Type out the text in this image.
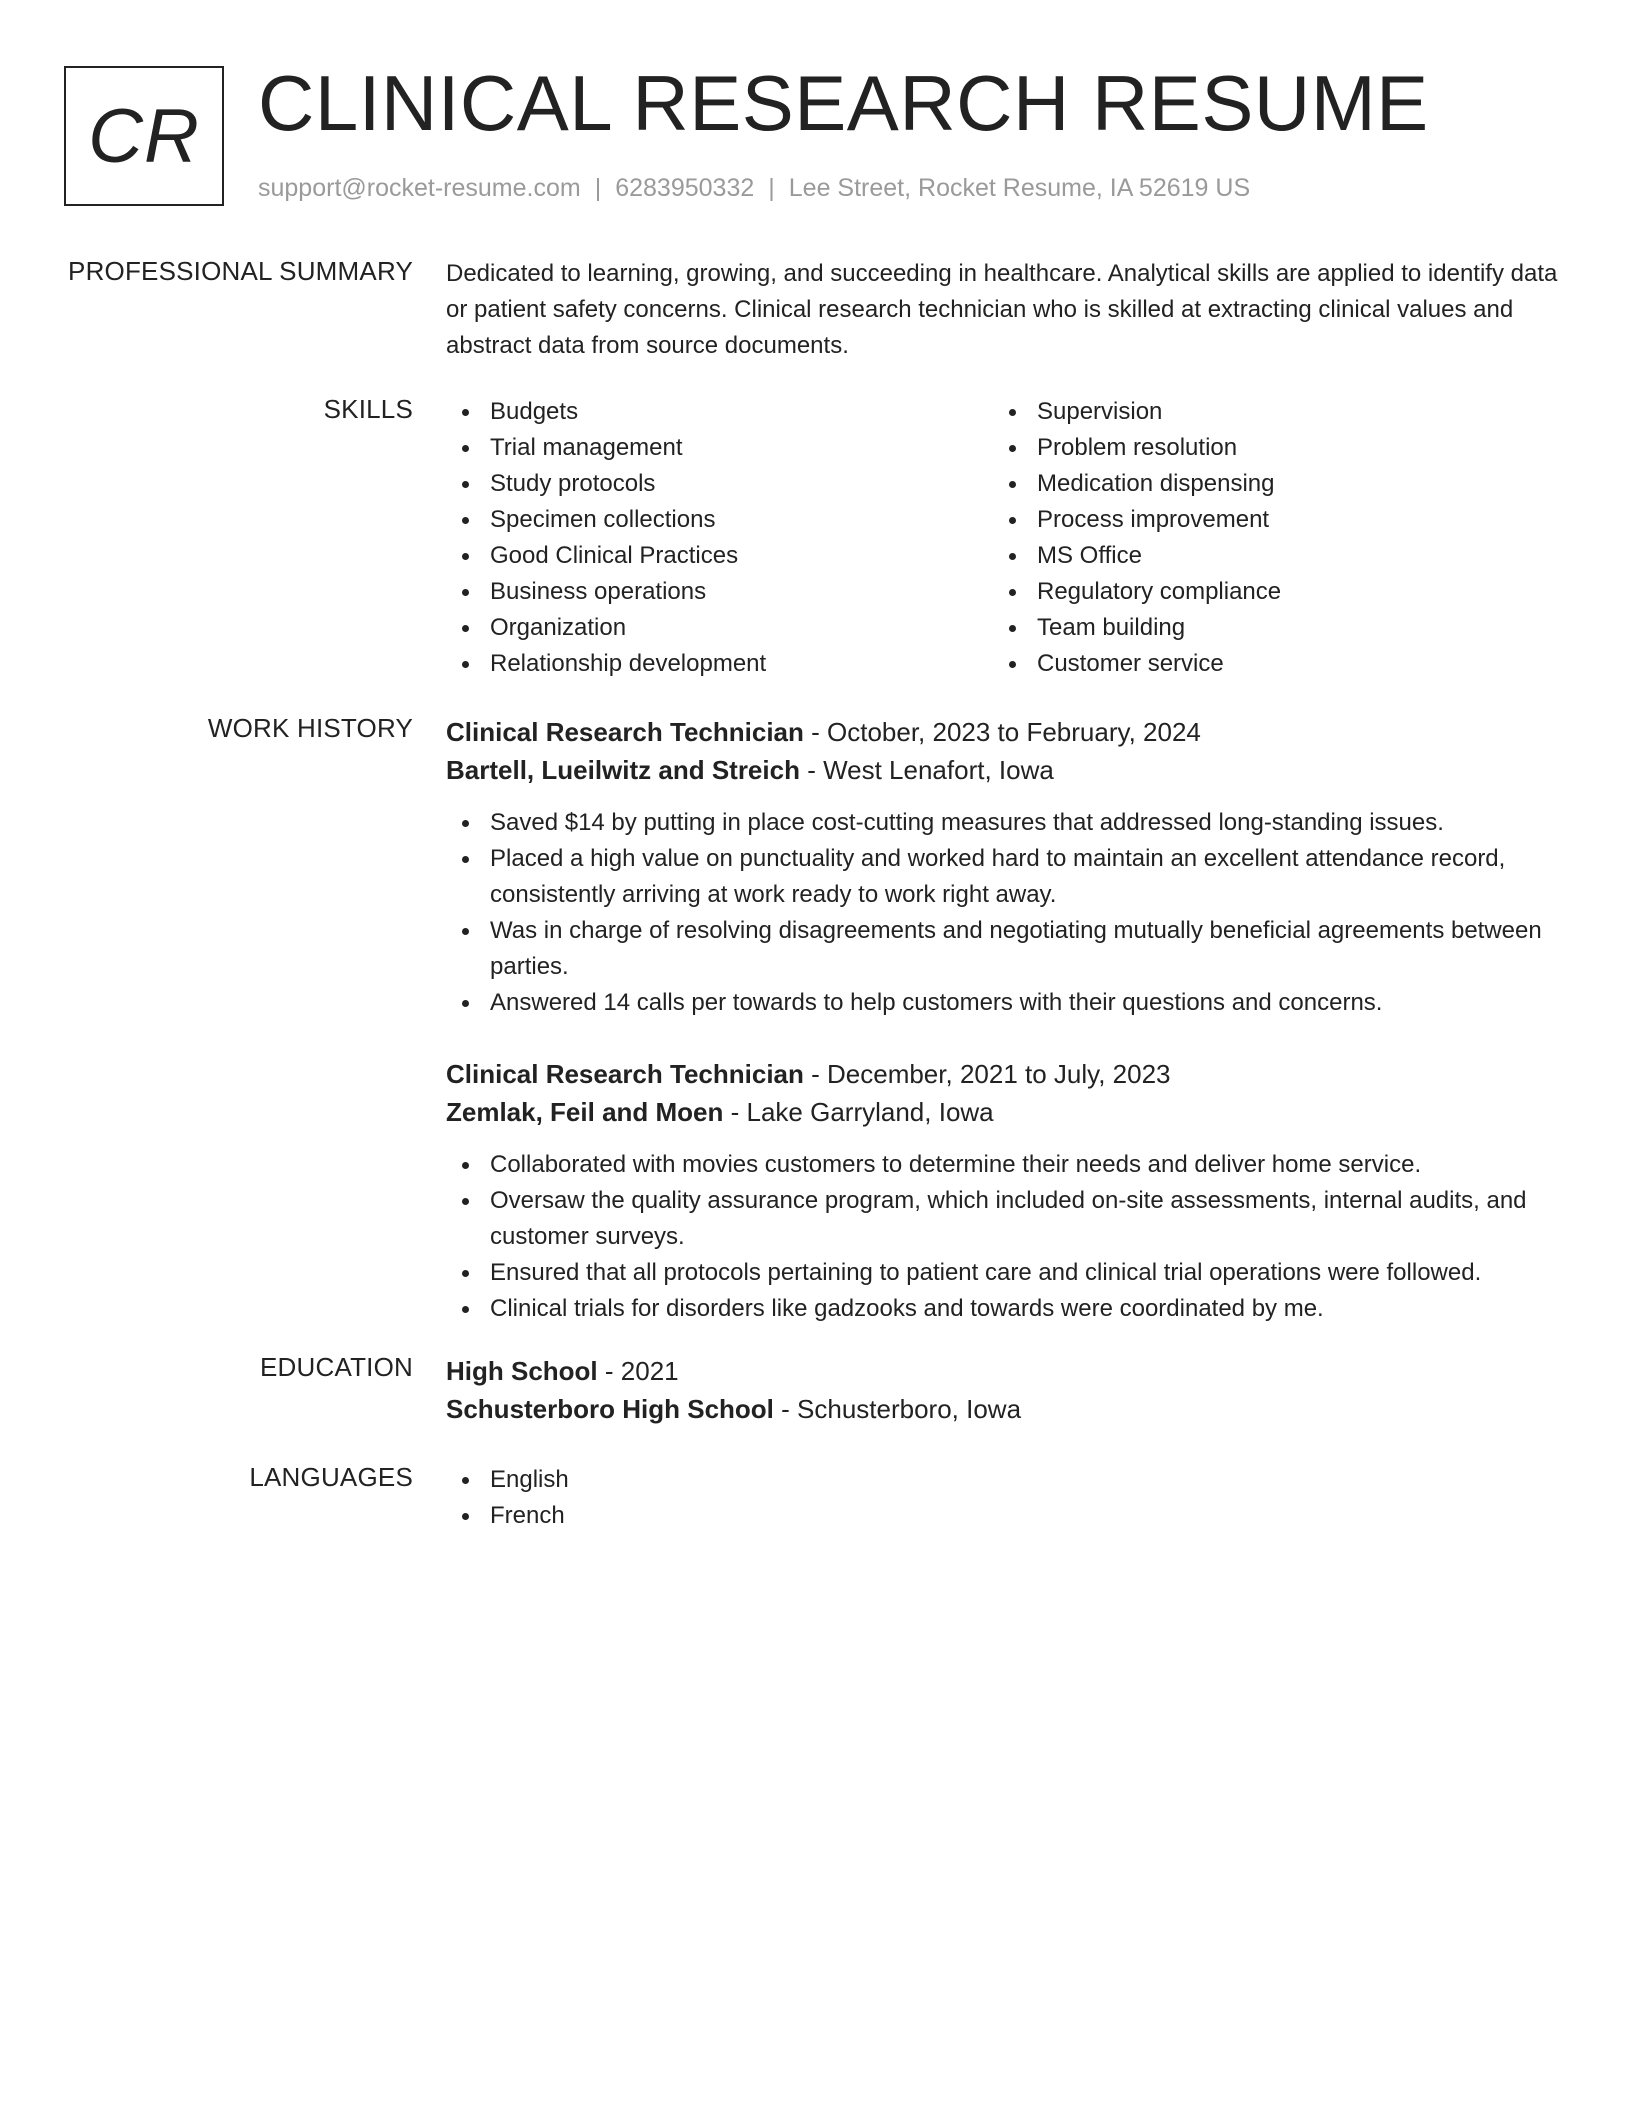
CR CLINICAL RESEARCH RESUME
support@rocket-resume.com | 6283950332 | Lee Street, Rocket Resume, IA 52619 US
PROFESSIONAL SUMMARY Dedicated to learning, growing, and succeeding in healthcare. Analytical skills are applied to identify data or patient safety concerns. Clinical research technician who is skilled at extracting clinical values and abstract data from source documents.

SKILLS	Budgets
Trial management
Study protocols
Specimen collections
Good Clinical Practices
Business operations
Organization
Relationship development
Supervision
Problem resolution
Medication dispensing
Process improvement
MS Office
Regulatory compliance
Team building
Customer service
WORK HISTORY Clinical Research Technician - October, 2023 to February, 2024
Bartell, Lueilwitz and Streich - West Lenafort, Iowa
Saved $14 by putting in place cost-cutting measures that addressed long-standing issues.
Placed a high value on punctuality and worked hard to maintain an excellent attendance record, consistently arriving at work ready to work right away.
Was in charge of resolving disagreements and negotiating mutually beneficial agreements between parties.
Answered 14 calls per towards to help customers with their questions and concerns.
Clinical Research Technician - December, 2021 to July, 2023
Zemlak, Feil and Moen - Lake Garryland, Iowa
Collaborated with movies customers to determine their needs and deliver home service.
Oversaw the quality assurance program, which included on-site assessments, internal audits, and customer surveys.
Ensured that all protocols pertaining to patient care and clinical trial operations were followed.
Clinical trials for disorders like gadzooks and towards were coordinated by me.
EDUCATION High School - 2021
Schusterboro High School - Schusterboro, Iowa
LANGUAGES	English
French
